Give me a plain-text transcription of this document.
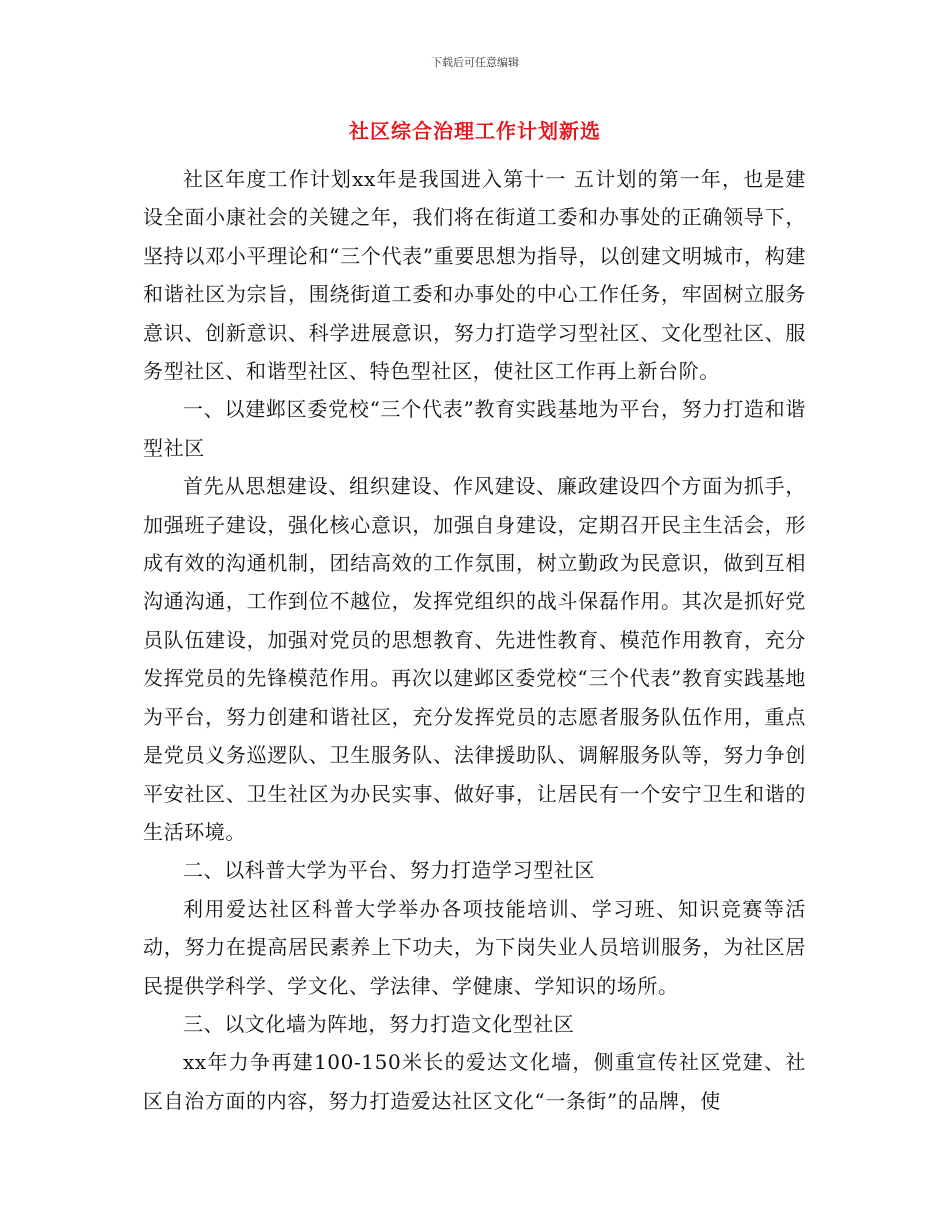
下载后可任意编辑
社区综合治理工作计划新选

社区年度工作计划xx年是我国进入第十一 五计划的第一年，也是建设全面小康社会的关键之年，我们将在街道工委和办事处的正确领导下，坚持以邓小平理论和“三个代表”重要思想为指导，以创建文明城市，构建和谐社区为宗旨，围绕街道工委和办事处的中心工作任务，牢固树立服务意识、创新意识、科学进展意识，努力打造学习型社区、文化型社区、服务型社区、和谐型社区、特色型社区，使社区工作再上新台阶。

一、以建邺区委党校“三个代表”教育实践基地为平台，努力打造和谐型社区

首先从思想建设、组织建设、作风建设、廉政建设四个方面为抓手，加强班子建设，强化核心意识，加强自身建设，定期召开民主生活会，形成有效的沟通机制，团结高效的工作氛围，树立勤政为民意识，做到互相沟通沟通，工作到位不越位，发挥党组织的战斗保磊作用。其次是抓好党员队伍建设，加强对党员的思想教育、先进性教育、模范作用教育，充分发挥党员的先锋模范作用。再次以建邺区委党校“三个代表”教育实践基地为平台，努力创建和谐社区，充分发挥党员的志愿者服务队伍作用，重点是党员义务巡逻队、卫生服务队、法律援助队、调解服务队等，努力争创平安社区、卫生社区为办民实事、做好事，让居民有一个安宁卫生和谐的生活环境。

二、以科普大学为平台、努力打造学习型社区

利用爱达社区科普大学举办各项技能培训、学习班、知识竞赛等活动，努力在提高居民素养上下功夫，为下岗失业人员培训服务，为社区居民提供学科学、学文化、学法律、学健康、学知识的场所。

三、以文化墙为阵地，努力打造文化型社区

xx年力争再建100-150米长的爱达文化墙，侧重宣传社区党建、社区自治方面的内容，努力打造爱达社区文化“一条街”的品牌，使
